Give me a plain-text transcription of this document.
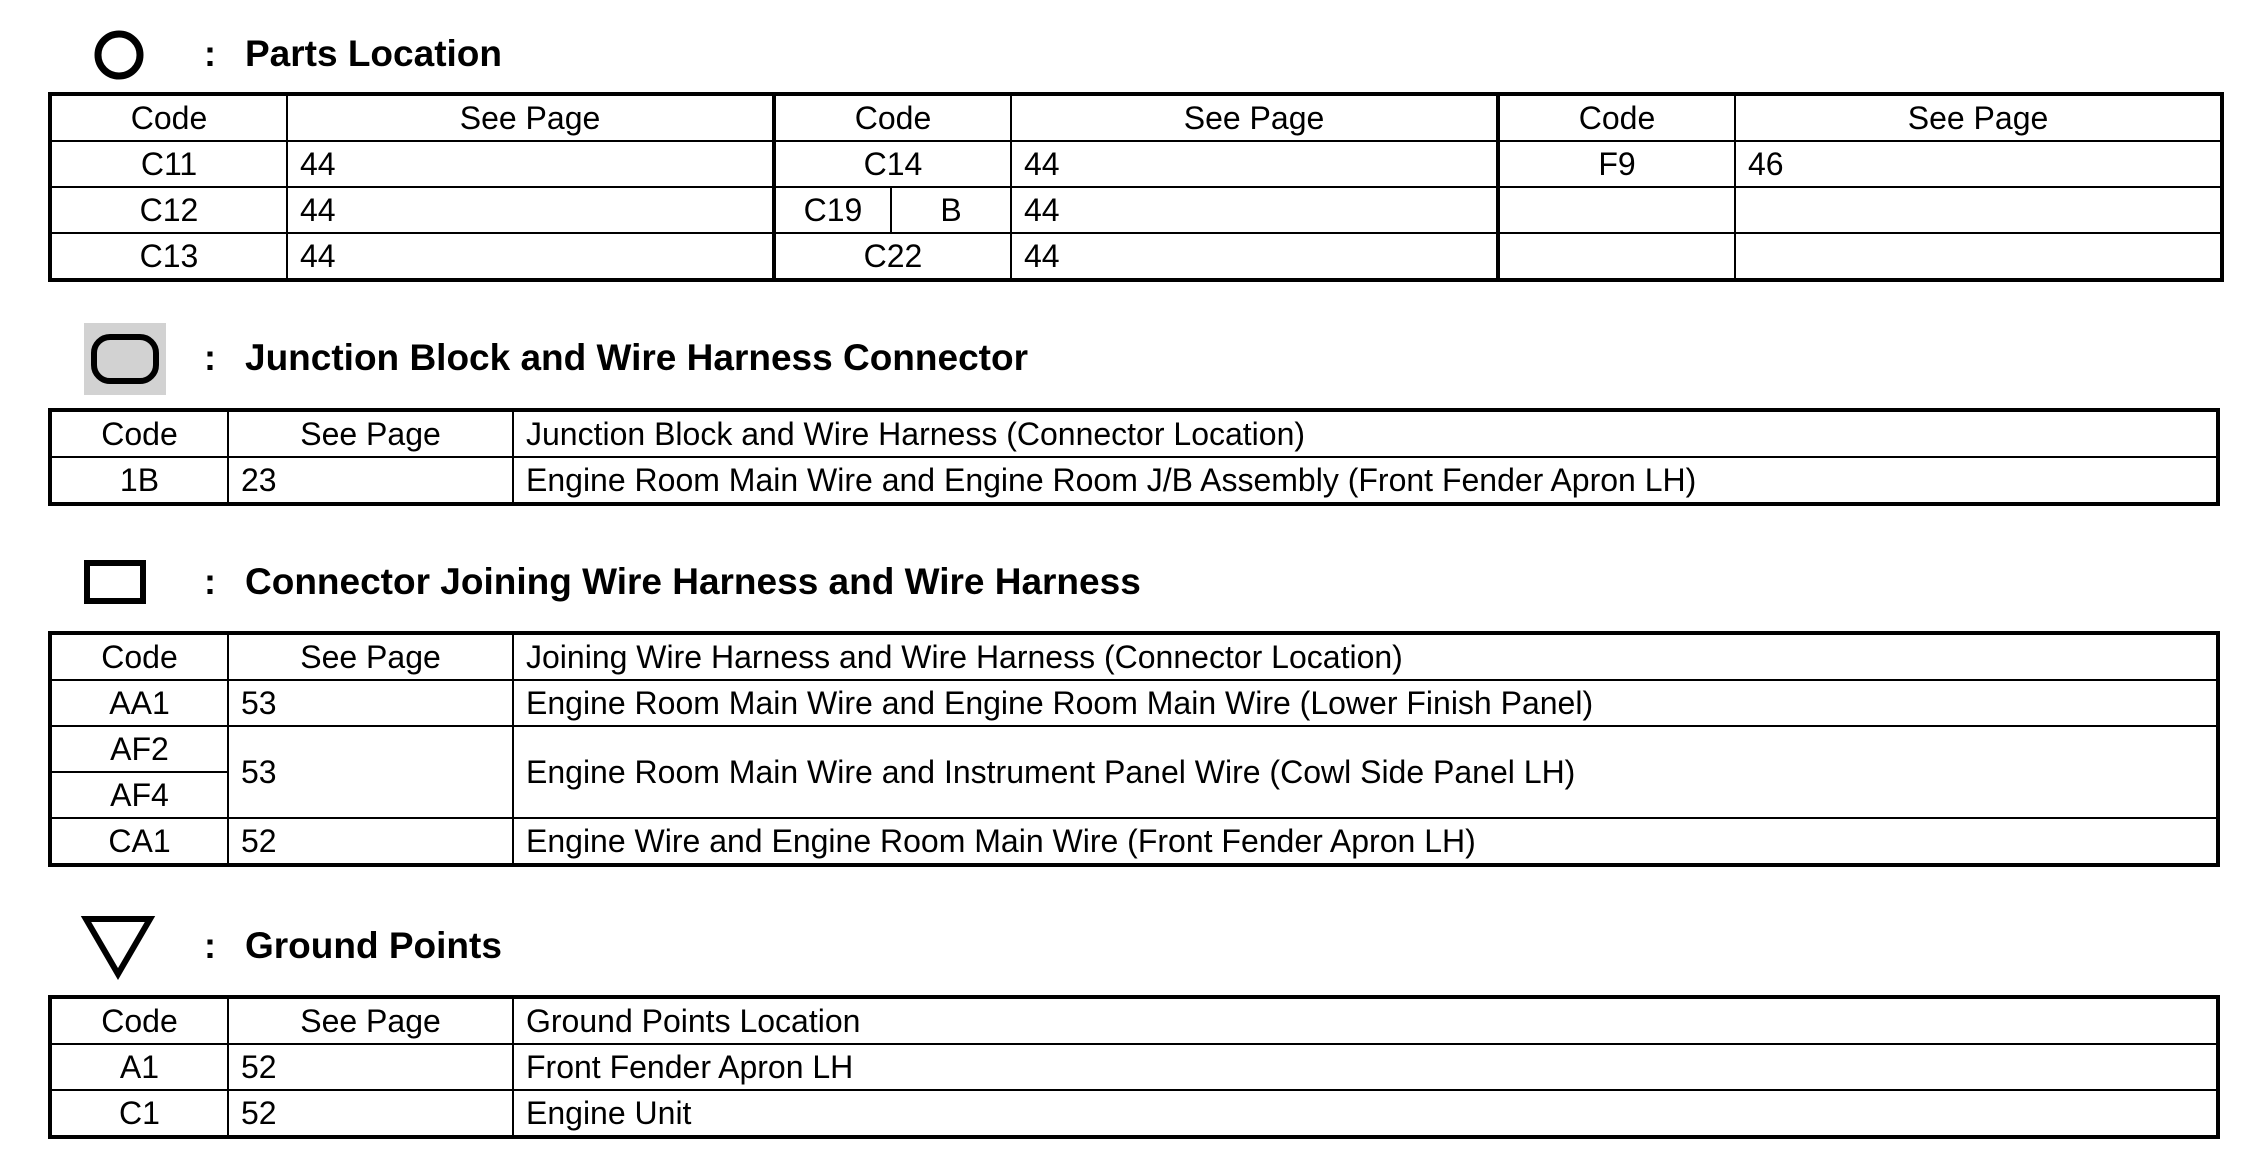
: Parts Location
Code	See Page	Code		See Page	Code	See Page
C11	44	C14		44	F9	46
C12	44	C19	B	44		
C13	44	C22		44		
: Junction Block and Wire Harness Connector
Code	See Page	Junction Block and Wire Harness (Connector Location)
1B	23	Engine Room Main Wire and Engine Room J/B Assembly (Front Fender Apron LH)
: Connector Joining Wire Harness and Wire Harness
Code	See Page	Joining Wire Harness and Wire Harness (Connector Location)
AA1	53	Engine Room Main Wire and Engine Room Main Wire (Lower Finish Panel)
AF2	53	Engine Room Main Wire and Instrument Panel Wire (Cowl Side Panel LH)
AF4		
CA1	52	Engine Wire and Engine Room Main Wire (Front Fender Apron LH)
: Ground Points
Code	See Page	Ground Points Location
A1	52	Front Fender Apron LH
C1	52	Engine Unit
